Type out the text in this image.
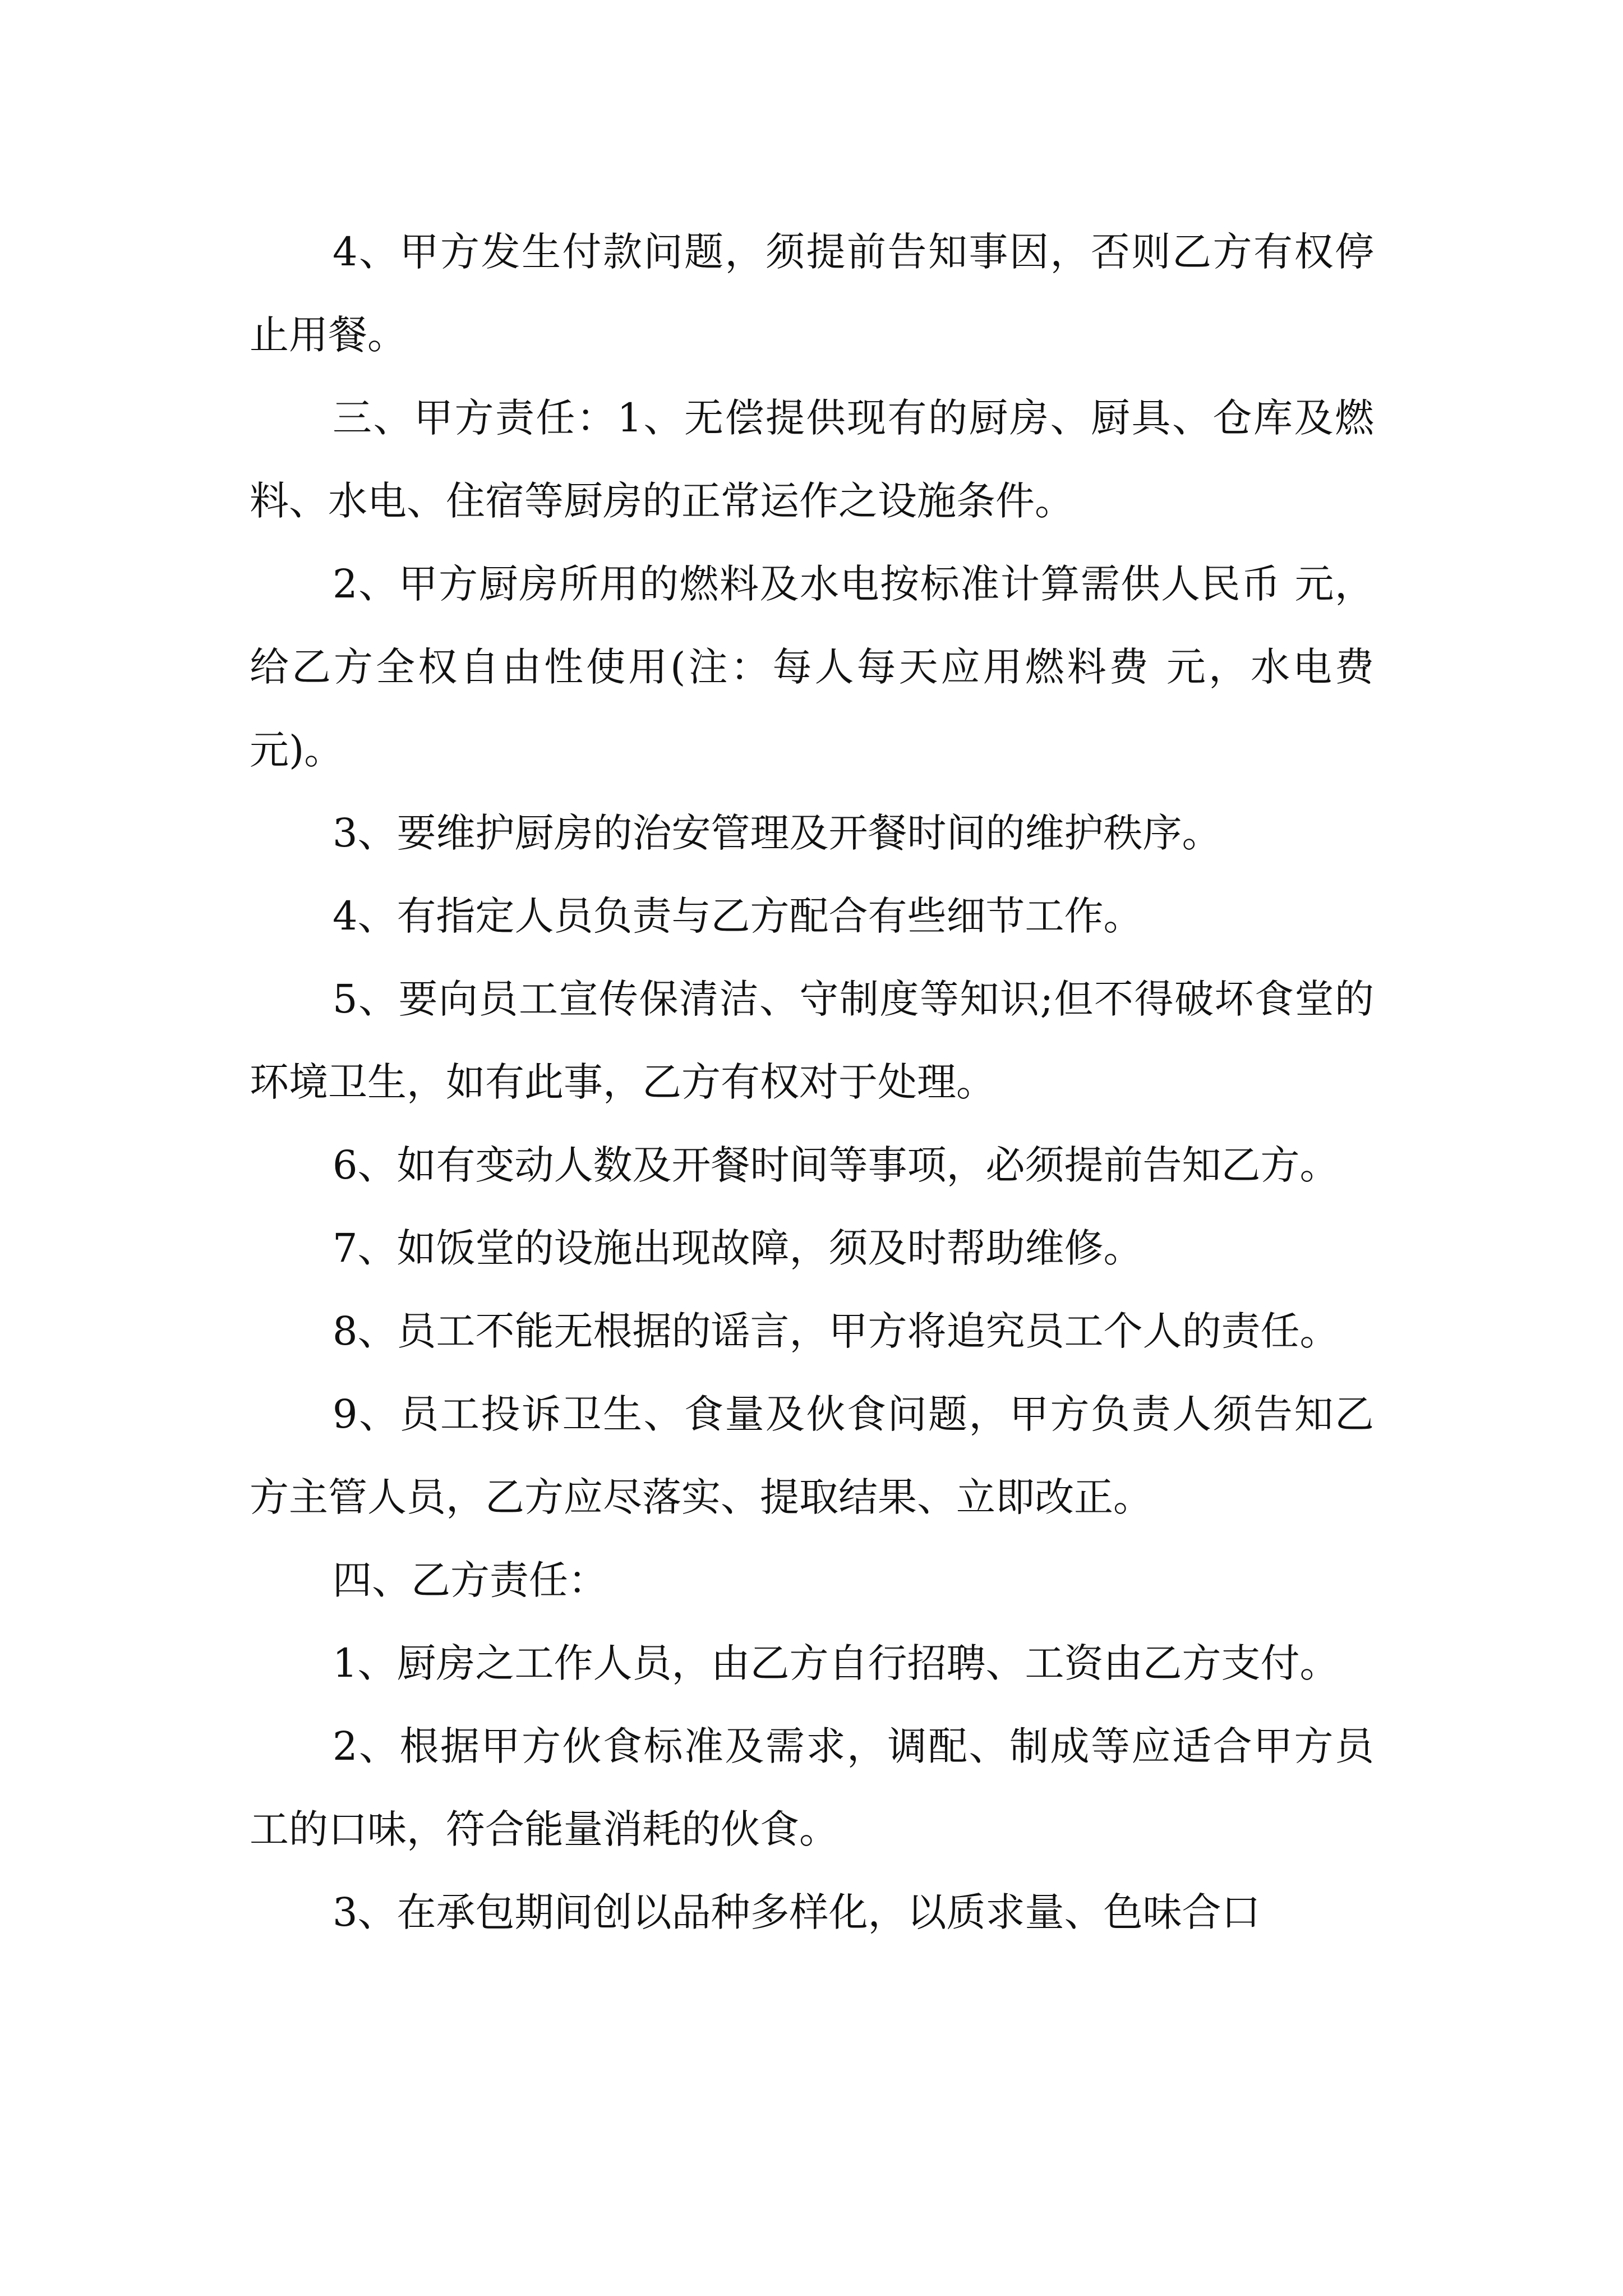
4、甲方发生付款问题，须提前告知事因，否则乙方有权停止用餐。

三、甲方责任：1、无偿提供现有的厨房、厨具、仓库及燃料、水电、住宿等厨房的正常运作之设施条件。

2、甲方厨房所用的燃料及水电按标准计算需供人民币 元，给乙方全权自由性使用(注：每人每天应用燃料费 元，水电费 元)。

3、要维护厨房的治安管理及开餐时间的维护秩序。

4、有指定人员负责与乙方配合有些细节工作。

5、要向员工宣传保清洁、守制度等知识;但不得破坏食堂的环境卫生，如有此事，乙方有权对于处理。

6、如有变动人数及开餐时间等事项，必须提前告知乙方。

7、如饭堂的设施出现故障，须及时帮助维修。

8、员工不能无根据的谣言，甲方将追究员工个人的责任。

9、员工投诉卫生、食量及伙食问题，甲方负责人须告知乙方主管人员，乙方应尽落实、提取结果、立即改正。

四、乙方责任：

1、厨房之工作人员，由乙方自行招聘、工资由乙方支付。

2、根据甲方伙食标准及需求，调配、制成等应适合甲方员工的口味，符合能量消耗的伙食。

3、在承包期间创以品种多样化，以质求量、色味合口
